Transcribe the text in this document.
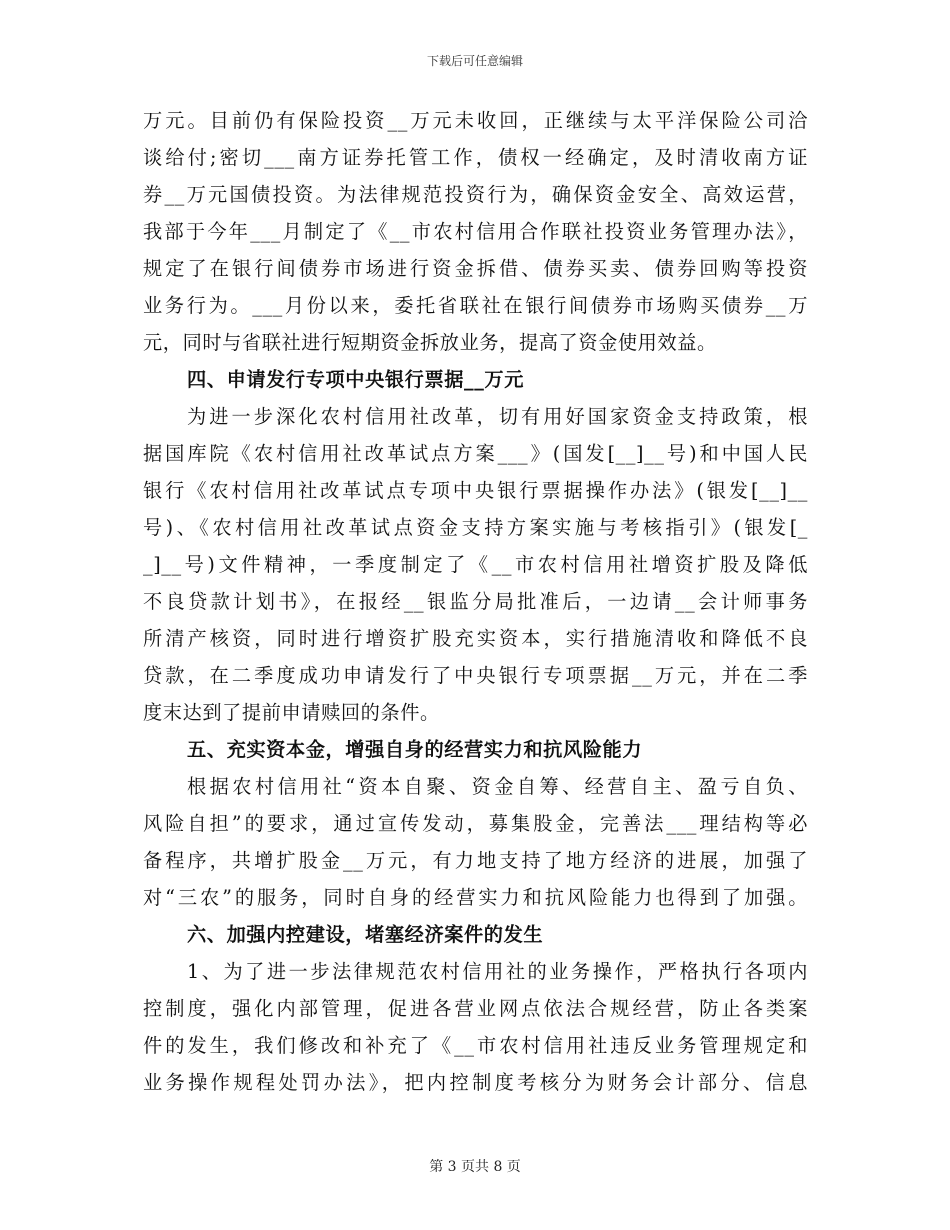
下载后可任意编辑
万元。目前仍有保险投资__万元未收回，正继续与太平洋保险公司洽
谈给付;密切___南方证券托管工作，债权一经确定，及时清收南方证
券__万元国债投资。为法律规范投资行为，确保资金安全、高效运营，
我部于今年___月制定了《__市农村信用合作联社投资业务管理办法》，
规定了在银行间债券市场进行资金拆借、债券买卖、债券回购等投资
业务行为。___月份以来，委托省联社在银行间债券市场购买债券__万
元，同时与省联社进行短期资金拆放业务，提高了资金使用效益。
四、申请发行专项中央银行票据__万元
为进一步深化农村信用社改革，切有用好国家资金支持政策，根
据国库院《农村信用社改革试点方案___》(国发[__]__号)和中国人民
银行《农村信用社改革试点专项中央银行票据操作办法》(银发[__]__
号)、《农村信用社改革试点资金支持方案实施与考核指引》(银发[_
_]__号)文件精神，一季度制定了《__市农村信用社增资扩股及降低
不良贷款计划书》，在报经__银监分局批准后，一边请__会计师事务
所清产核资，同时进行增资扩股充实资本，实行措施清收和降低不良
贷款，在二季度成功申请发行了中央银行专项票据__万元，并在二季
度末达到了提前申请赎回的条件。
五、充实资本金，增强自身的经营实力和抗风险能力
根据农村信用社“资本自聚、资金自筹、经营自主、盈亏自负、
风险自担”的要求，通过宣传发动，募集股金，完善法___理结构等必
备程序，共增扩股金__万元，有力地支持了地方经济的进展，加强了
对“三农”的服务，同时自身的经营实力和抗风险能力也得到了加强。
六、加强内控建设，堵塞经济案件的发生
1、为了进一步法律规范农村信用社的业务操作，严格执行各项内
控制度，强化内部管理，促进各营业网点依法合规经营，防止各类案
件的发生，我们修改和补充了《__市农村信用社违反业务管理规定和
业务操作规程处罚办法》，把内控制度考核分为财务会计部分、信息
第 3 页共 8 页
